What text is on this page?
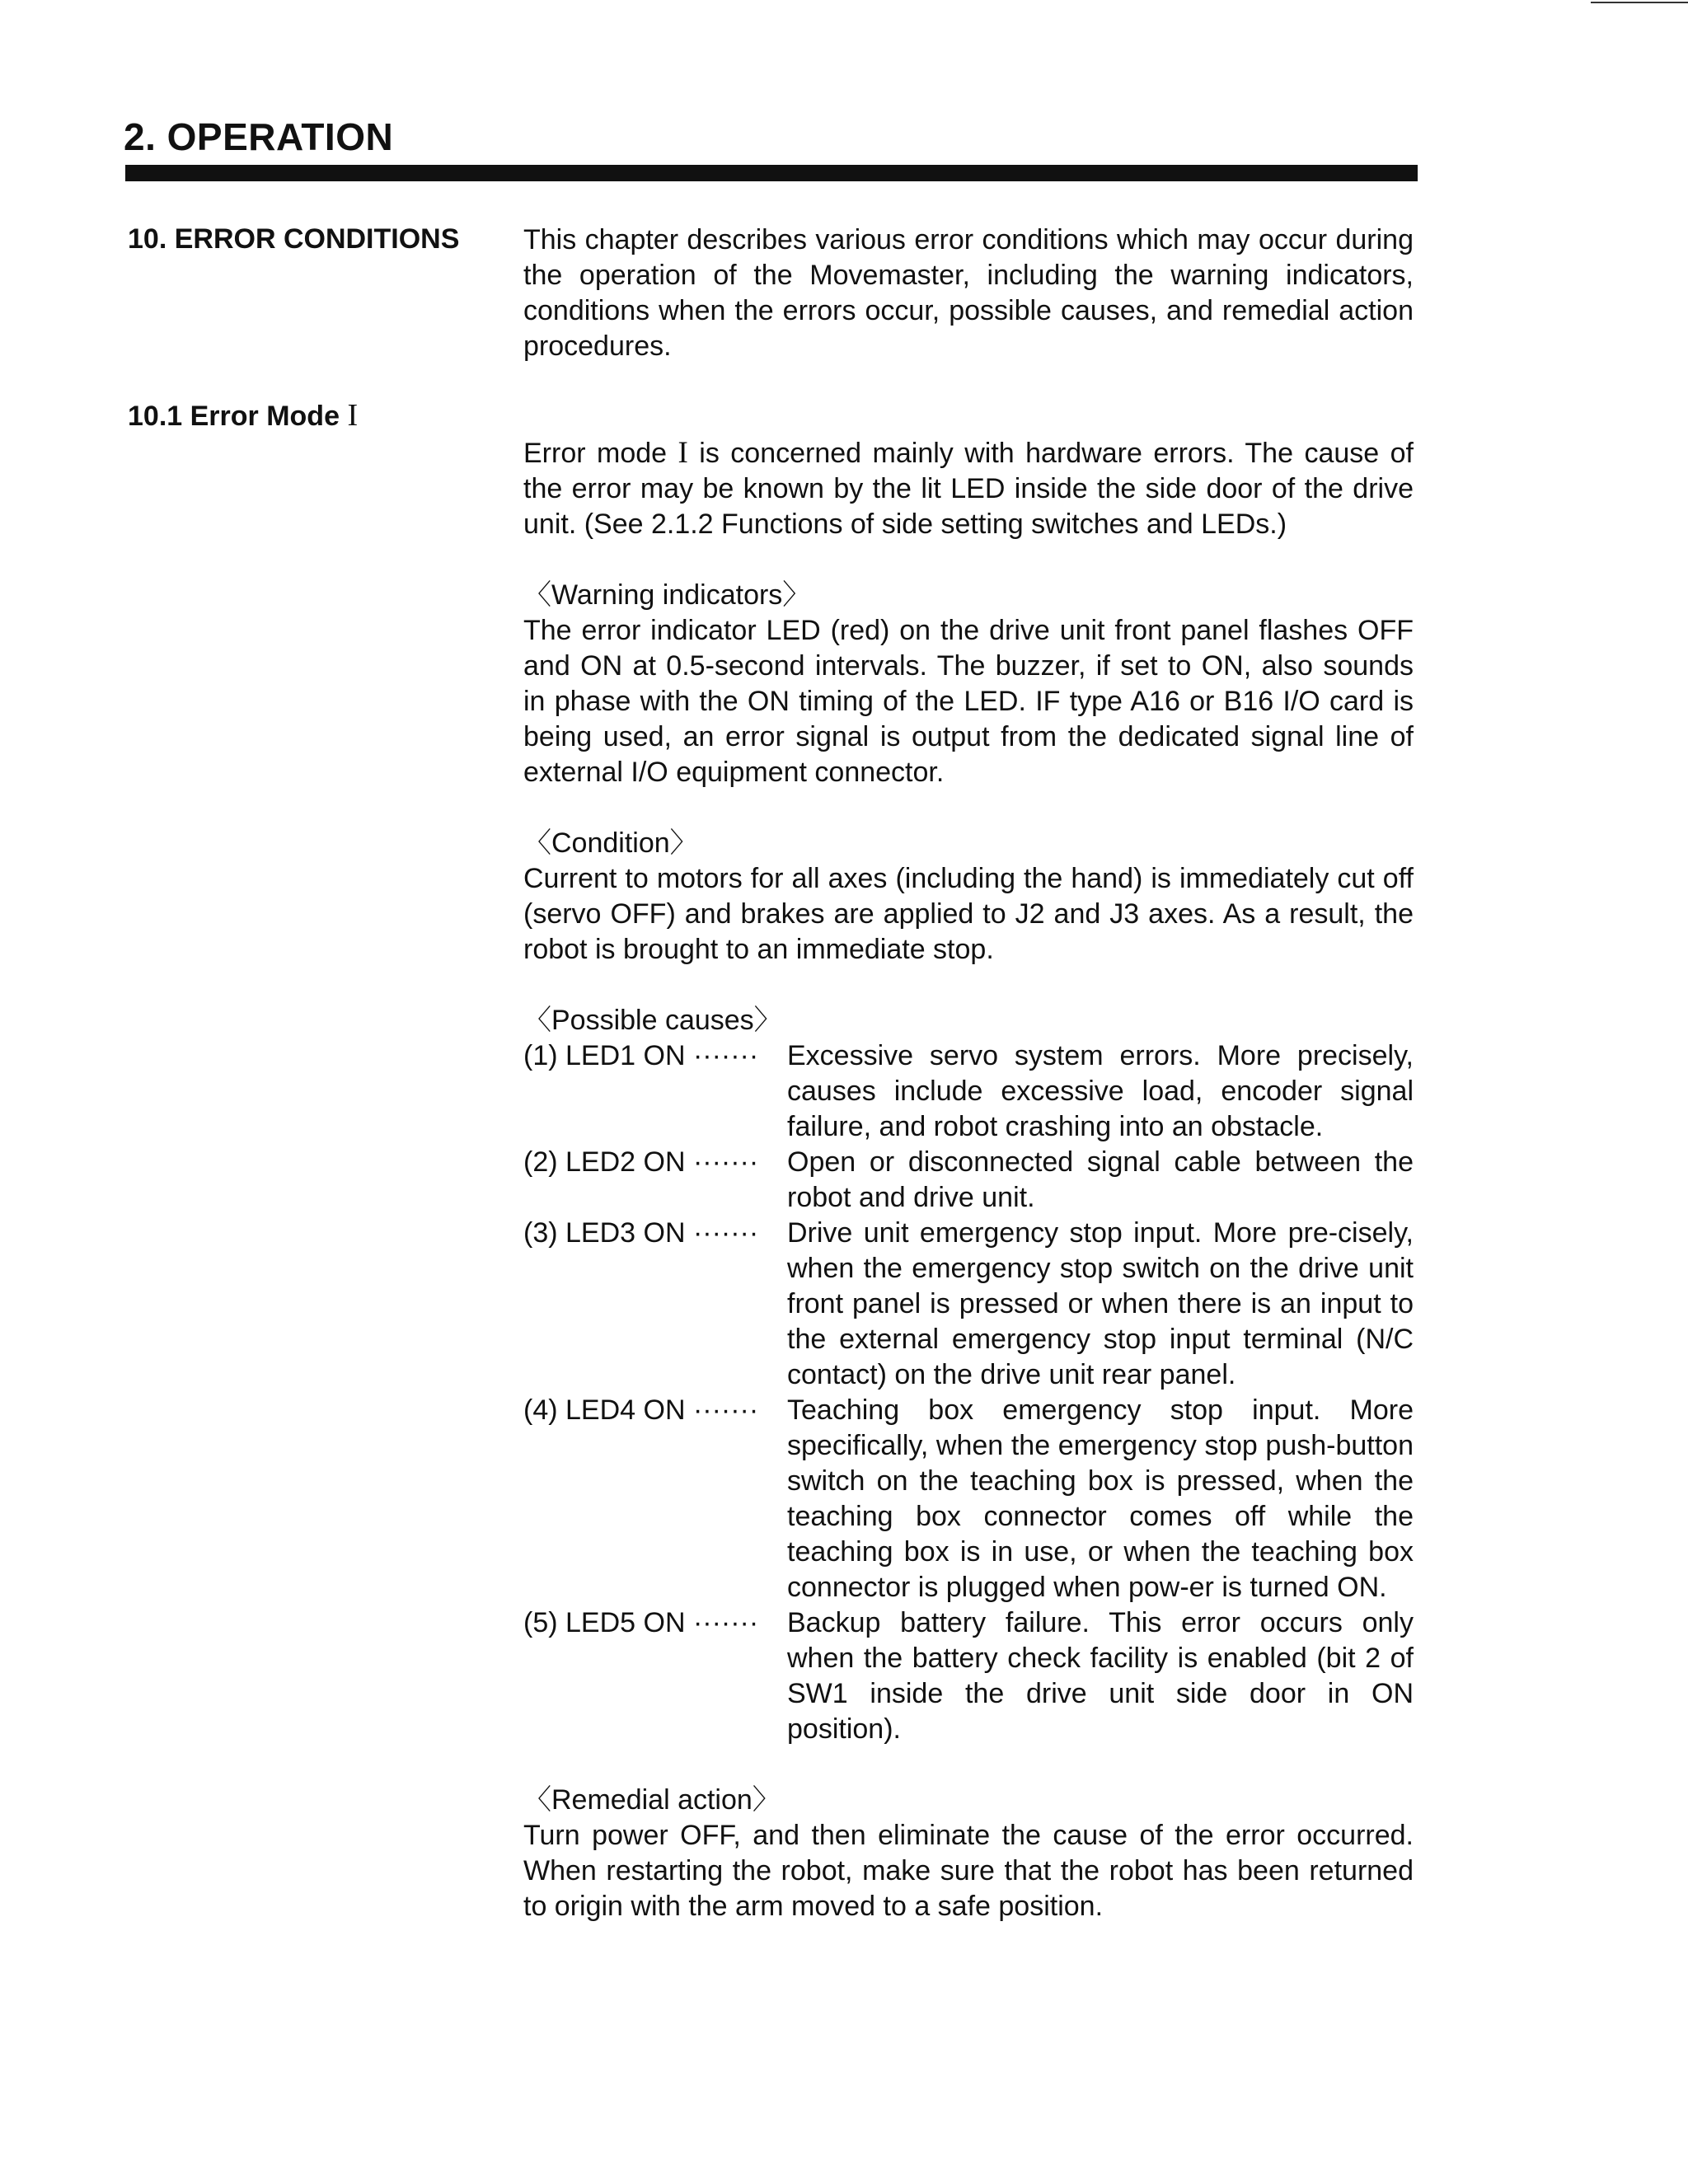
2. OPERATION
10. ERROR CONDITIONS
10.1 Error Mode I

This chapter describes various error conditions which may occur during the operation of the Movemaster, including the warning indicators, conditions when the errors occur, possible causes, and remedial action procedures.

Error mode I is concerned mainly with hardware errors. The cause of the error may be known by the lit LED inside the side door of the drive unit. (See 2.1.2 Functions of side setting switches and LEDs.)

〈Warning indicators〉

The error indicator LED (red) on the drive unit front panel flashes OFF and ON at 0.5-second intervals. The buzzer, if set to ON, also sounds in phase with the ON timing of the LED. IF type A16 or B16 I/O card is being used, an error signal is output from the dedicated signal line of external I/O equipment connector.

〈Condition〉

Current to motors for all axes (including the hand) is immediately cut off (servo OFF) and brakes are applied to J2 and J3 axes. As a result, the robot is brought to an immediate stop.

〈Possible causes〉

(1) LED1 ON ·······	Excessive servo system errors. More precisely, causes include excessive load, encoder signal failure, and robot crashing into an obstacle.
(2) LED2 ON ·······	Open or disconnected signal cable between the robot and drive unit.
(3) LED3 ON ·······	Drive unit emergency stop input. More pre-cisely, when the emergency stop switch on the drive unit front panel is pressed or when there is an input to the external emergency stop input terminal (N/C contact) on the drive unit rear panel.
(4) LED4 ON ·······	Teaching box emergency stop input. More specifically, when the emergency stop push-button switch on the teaching box is pressed, when the teaching box connector comes off while the teaching box is in use, or when the teaching box connector is plugged when pow-er is turned ON.
(5) LED5 ON ·······	Backup battery failure. This error occurs only when the battery check facility is enabled (bit 2 of SW1 inside the drive unit side door in ON position).

〈Remedial action〉

Turn power OFF, and then eliminate the cause of the error occurred. When restarting the robot, make sure that the robot has been returned to origin with the arm moved to a safe position.
